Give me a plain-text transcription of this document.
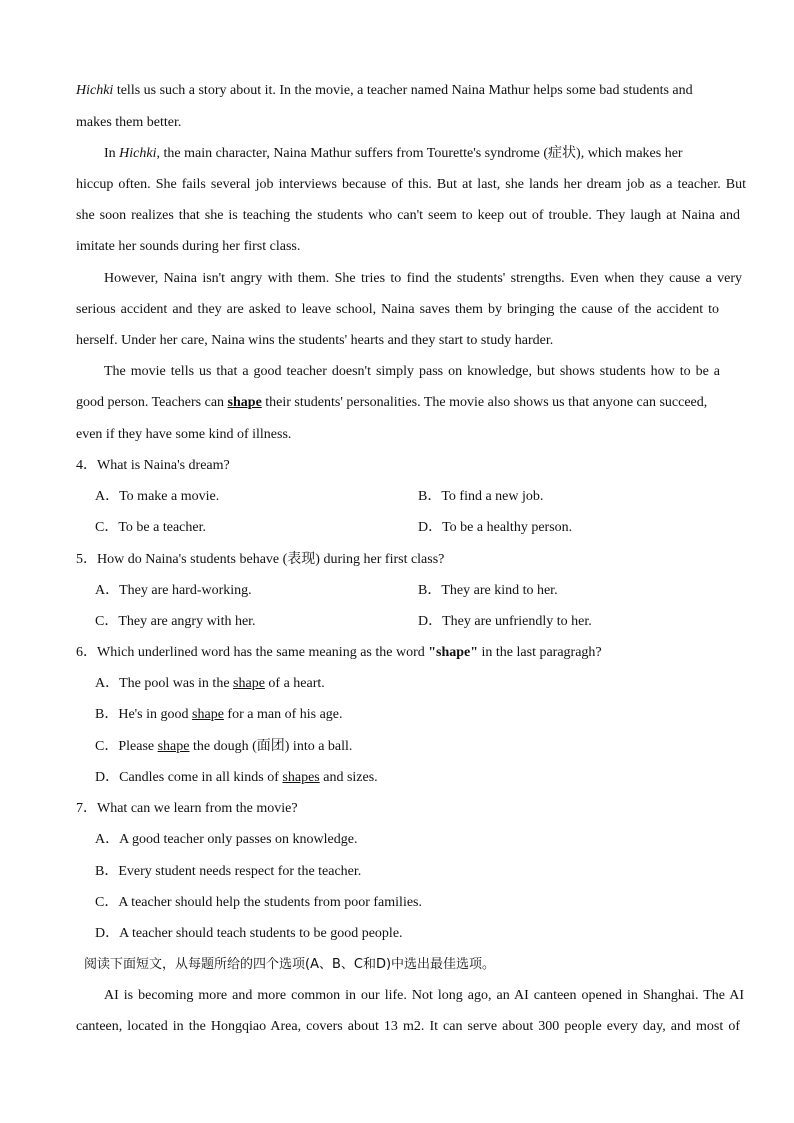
Hichki tells us such a story about it. In the movie, a teacher named Naina Mathur helps some bad students and
makes them better.
In Hichki, the main character, Naina Mathur suffers from Tourette's syndrome (症状), which makes her
hiccup often. She fails several job interviews because of this. But at last, she lands her dream job as a teacher. But
she soon realizes that she is teaching the students who can't seem to keep out of trouble. They laugh at Naina and
imitate her sounds during her first class.
However, Naina isn't angry with them. She tries to find the students' strengths. Even when they cause a very
serious accident and they are asked to leave school, Naina saves them by bringing the cause of the accident to
herself. Under her care, Naina wins the students' hearts and they start to study harder.
The movie tells us that a good teacher doesn't simply pass on knowledge, but shows students how to be a
good person. Teachers can shape their students' personalities. The movie also shows us that anyone can succeed,
even if they have some kind of illness.
4．What is Naina's dream?
A．To make a movie.	B．To find a new job.
C．To be a teacher.	D．To be a healthy person.
5．How do Naina's students behave (表现) during her first class?
A．They are hard-working.	B．They are kind to her.
C．They are angry with her.	D．They are unfriendly to her.
6．Which underlined word has the same meaning as the word "shape" in the last paragragh?
A．The pool was in the shape of a heart.
B．He's in good shape for a man of his age.
C．Please shape the dough (面团) into a ball.
D．Candles come in all kinds of shapes and sizes.
7．What can we learn from the movie?
A．A good teacher only passes on knowledge.
B．Every student needs respect for the teacher.
C．A teacher should help the students from poor families.
D．A teacher should teach students to be good people.
阅读下面短文，从每题所给的四个选项(A、B、C和D)中选出最佳选项。
AI is becoming more and more common in our life. Not long ago, an AI canteen opened in Shanghai. The AI
canteen, located in the Hongqiao Area, covers about 13 m2. It can serve about 300 people every day, and most of
